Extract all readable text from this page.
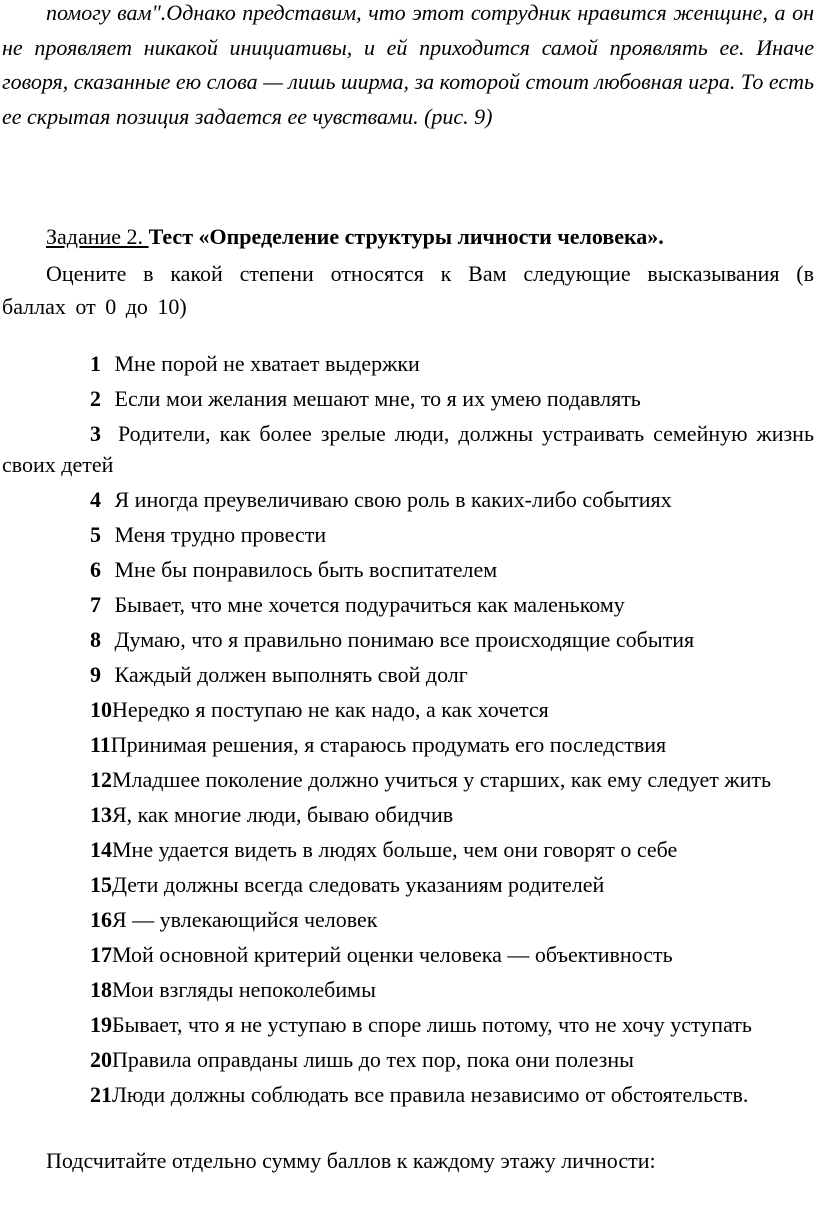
помогу вам".Однако представим, что этот сотрудник нравится женщине, а он не проявляет никакой инициативы, и ей приходится самой проявлять ее. Иначе говоря, сказанные ею слова — лишь ширма, за которой стоит любовная игра. То есть ее скрытая позиция задается ее чувствами. (рис. 9)

Задание 2. Тест «Определение структуры личности человека».

Оцените в какой степени относятся к Вам следующие высказывания (в баллах от 0 до 10)

1 Мне порой не хватает выдержки
2 Если мои желания мешают мне, то я их умею подавлять
3 Родители, как более зрелые люди, должны устраивать семейную жизнь своих детей
4 Я иногда преувеличиваю свою роль в каких-либо событиях
5 Меня трудно провести
6 Мне бы понравилось быть воспитателем
7 Бывает, что мне хочется подурачиться как маленькому
8 Думаю, что я правильно понимаю все происходящие события
9 Каждый должен выполнять свой долг
10Нередко я поступаю не как надо, а как хочется
11Принимая решения, я стараюсь продумать его последствия
12Младшее поколение должно учиться у старших, как ему следует жить
13Я, как многие люди, бываю обидчив
14Мне удается видеть в людях больше, чем они говорят о себе
15Дети должны всегда следовать указаниям родителей
16Я — увлекающийся человек
17Мой основной критерий оценки человека — объективность
18Мои взгляды непоколебимы
19Бывает, что я не уступаю в споре лишь потому, что не хочу уступать
20Правила оправданы лишь до тех пор, пока они полезны
21Люди должны соблюдать все правила независимо от обстоятельств.

Подсчитайте отдельно сумму баллов к каждому этажу личности:
